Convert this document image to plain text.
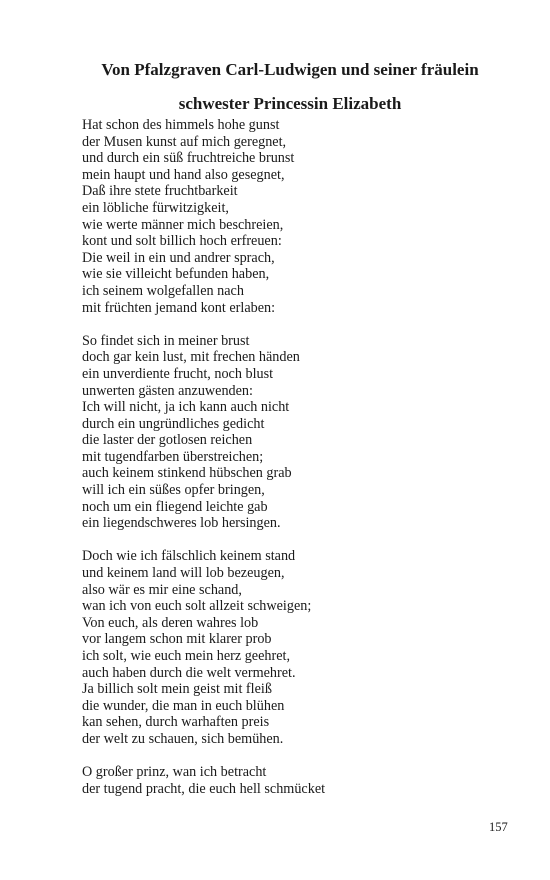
Von Pfalzgraven Carl-Ludwigen und seiner fräulein
schwester Princessin Elizabeth
Hat schon des himmels hohe gunst
der Musen kunst auf mich geregnet,
und durch ein süß fruchtreiche brunst
mein haupt und hand also gesegnet,
Daß ihre stete fruchtbarkeit
ein löbliche fürwitzigkeit,
wie werte männer mich beschreien,
kont und solt billich hoch erfreuen:
Die weil in ein und andrer sprach,
wie sie villeicht befunden haben,
ich seinem wolgefallen nach
mit früchten jemand kont erlaben:
So findet sich in meiner brust
doch gar kein lust, mit frechen händen
ein unverdiente frucht, noch blust
unwerten gästen anzuwenden:
Ich will nicht, ja ich kann auch nicht
durch ein ungründliches gedicht
die laster der gotlosen reichen
mit tugendfarben überstreichen;
auch keinem stinkend hübschen grab
will ich ein süßes opfer bringen,
noch um ein fliegend leichte gab
ein liegendschweres lob hersingen.
Doch wie ich fälschlich keinem stand
und keinem land will lob bezeugen,
also wär es mir eine schand,
wan ich von euch solt allzeit schweigen;
Von euch, als deren wahres lob
vor langem schon mit klarer prob
ich solt, wie euch mein herz geehret,
auch haben durch die welt vermehret.
Ja billich solt mein geist mit fleiß
die wunder, die man in euch blühen
kan sehen, durch warhaften preis
der welt zu schauen, sich bemühen.
O großer prinz, wan ich betracht
der tugend pracht, die euch hell schmücket
157
